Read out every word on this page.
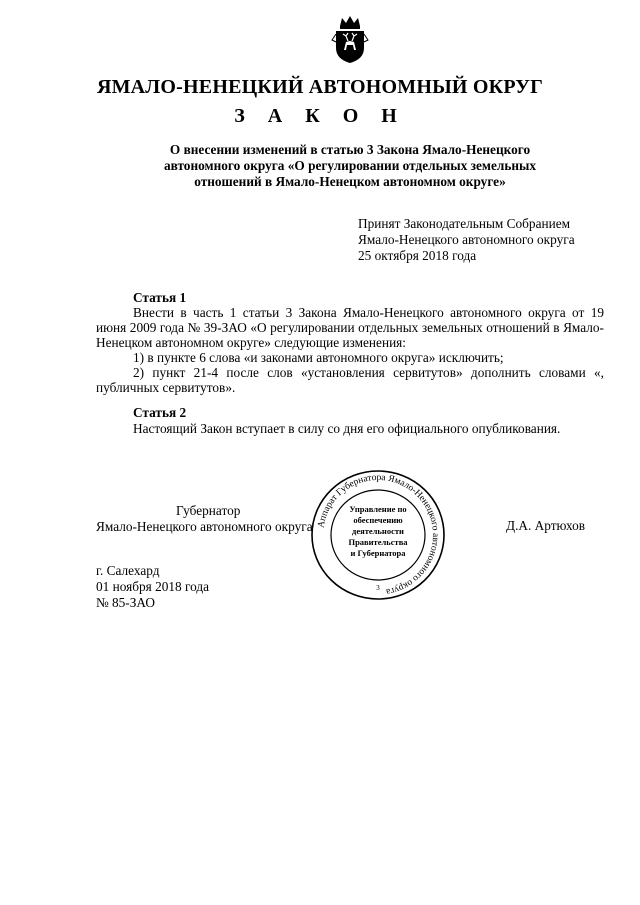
ЯМАЛО-НЕНЕЦКИЙ АВТОНОМНЫЙ ОКРУГ
З А К О Н
О внесении изменений в статью 3 Закона Ямало-Ненецкого
автономного округа «О регулировании отдельных земельных
отношений в Ямало-Ненецком автономном округе»
Принят Законодательным Собранием
Ямало-Ненецкого автономного округа
25 октября 2018 года
Статья 1
Внести в часть 1 статьи 3 Закона Ямало-Ненецкого автономного округа от 19 июня 2009 года № 39-ЗАО «О регулировании отдельных земельных отношений в Ямало-Ненецком автономном округе» следующие изменения:
1) в пункте 6 слова «и законами автономного округа» исключить;
2) пункт 21-4 после слов «установления сервитутов» дополнить словами «, публичных сервитутов».
Статья 2
Настоящий Закон вступает в силу со дня его официального опубликования.
Губернатор
Ямало-Ненецкого автономного округа	Д.А. Артюхов
Аппарат Губернатора Ямало-Ненецкого автономного округа
3
Управление по
обеспечению
деятельности
Правительства
и Губернатора
г. Салехард
01 ноября 2018 года
№ 85-ЗАО
